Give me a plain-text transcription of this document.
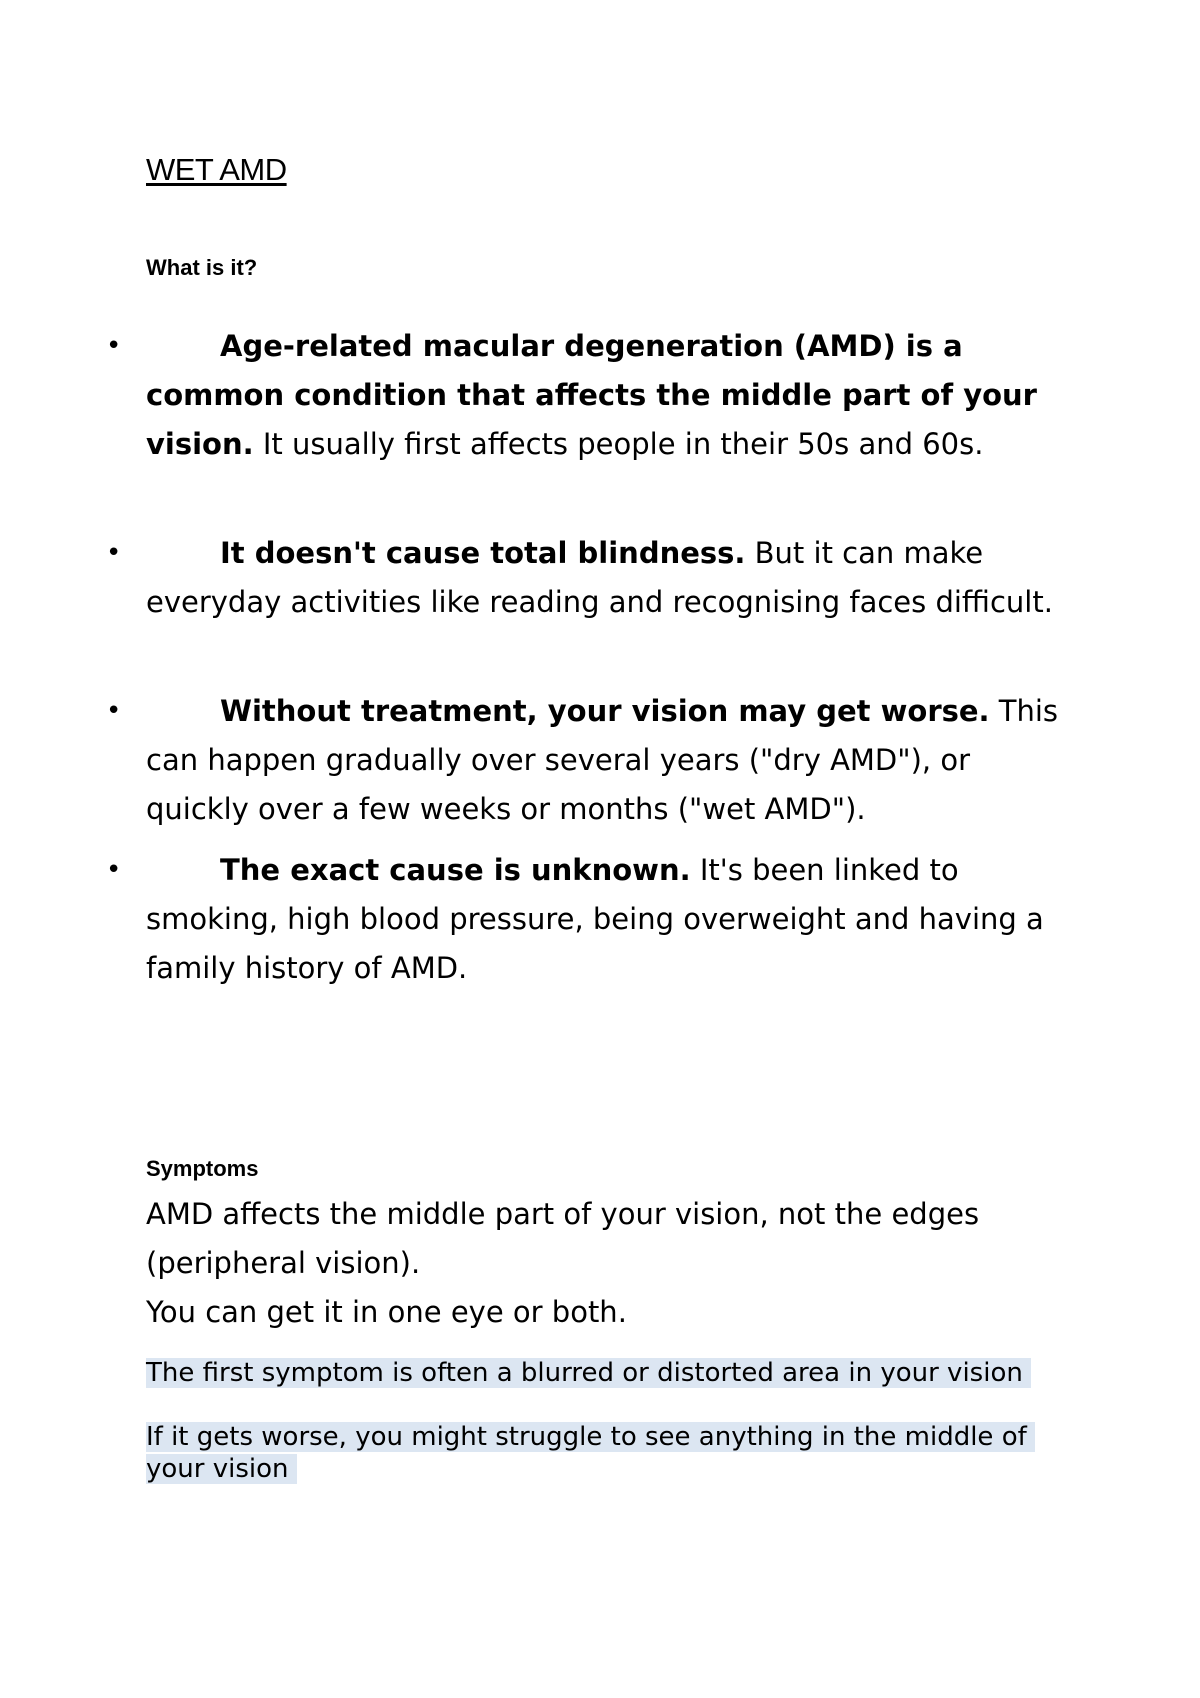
WET AMD
What is it?
•	Age-related macular degeneration (AMD) is a common condition that affects the middle part of your vision. It usually first affects people in their 50s and 60s.
•	It doesn't cause total blindness. But it can make everyday activities like reading and recognising faces difficult.
•	Without treatment, your vision may get worse. This can happen gradually over several years ("dry AMD"), or quickly over a few weeks or months ("wet AMD").
•	The exact cause is unknown. It's been linked to smoking, high blood pressure, being overweight and having a family history of AMD.
Symptoms

AMD affects the middle part of your vision, not the edges (peripheral vision).

You can get it in one eye or both.

The first symptom is often a blurred or distorted area in your vision

If it gets worse, you might struggle to see anything in the middle of your vision
